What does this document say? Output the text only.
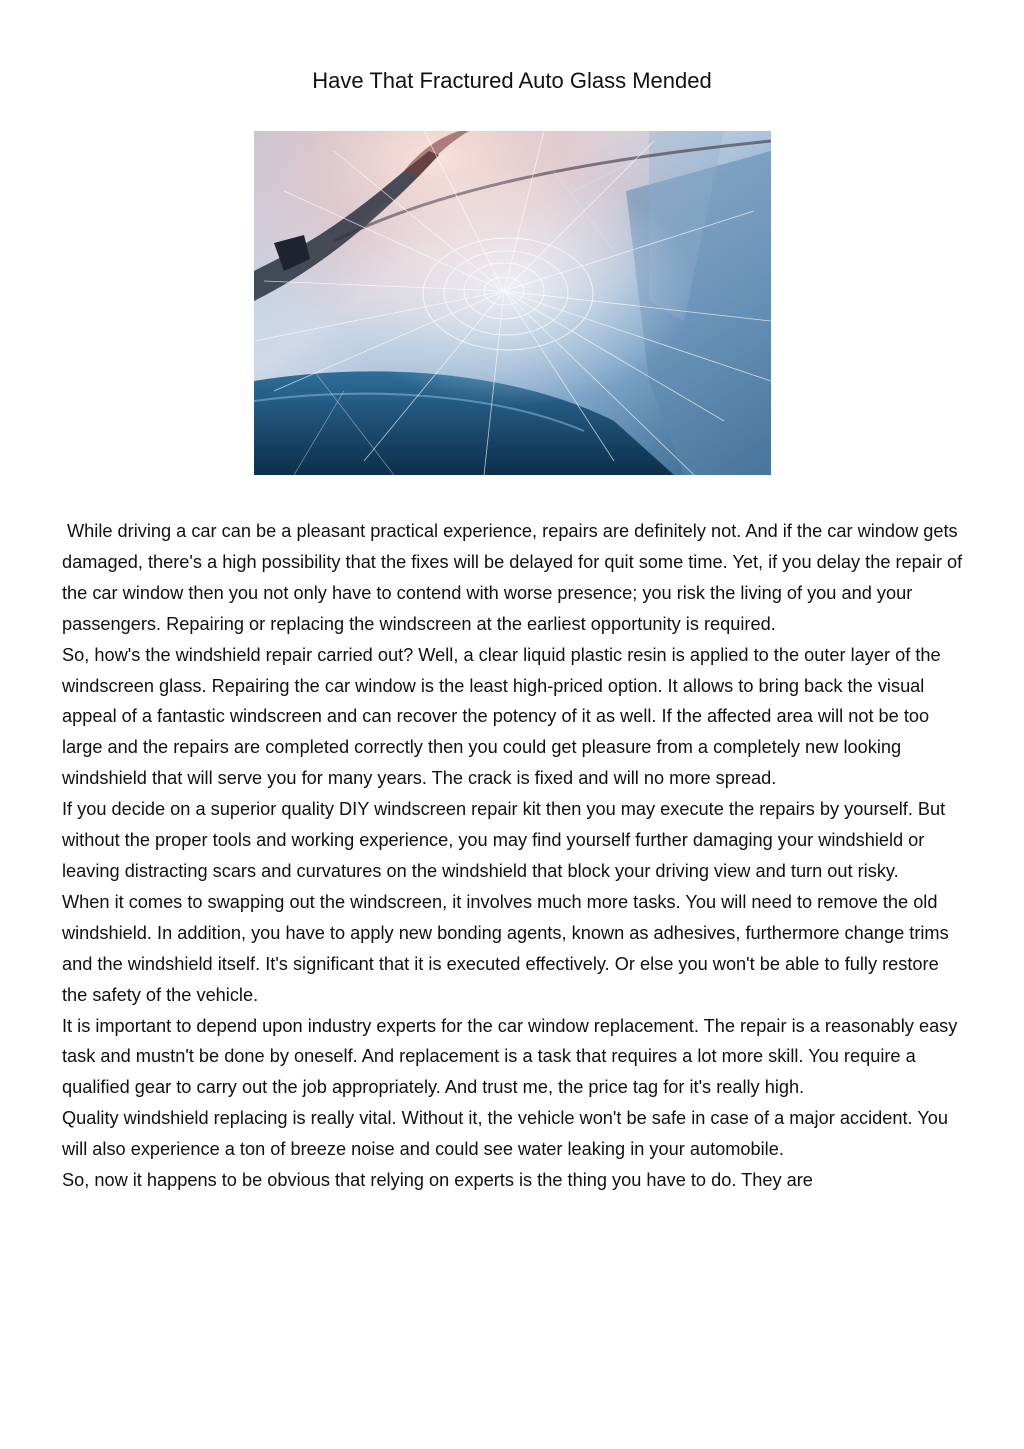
Have That Fractured Auto Glass Mended

While driving a car can be a pleasant practical experience, repairs are definitely not. And if the car window gets damaged, there's a high possibility that the fixes will be delayed for quit some time. Yet, if you delay the repair of the car window then you not only have to contend with worse presence; you risk the living of you and your passengers. Repairing or replacing the windscreen at the earliest opportunity is required.

So, how's the windshield repair carried out? Well, a clear liquid plastic resin is applied to the outer layer of the windscreen glass. Repairing the car window is the least high-priced option. It allows to bring back the visual appeal of a fantastic windscreen and can recover the potency of it as well. If the affected area will not be too large and the repairs are completed correctly then you could get pleasure from a completely new looking windshield that will serve you for many years. The crack is fixed and will no more spread.

If you decide on a superior quality DIY windscreen repair kit then you may execute the repairs by yourself. But without the proper tools and working experience, you may find yourself further damaging your windshield or leaving distracting scars and curvatures on the windshield that block your driving view and turn out risky.

When it comes to swapping out the windscreen, it involves much more tasks. You will need to remove the old windshield. In addition, you have to apply new bonding agents, known as adhesives, furthermore change trims and the windshield itself. It's significant that it is executed effectively. Or else you won't be able to fully restore the safety of the vehicle.

It is important to depend upon industry experts for the car window replacement. The repair is a reasonably easy task and mustn't be done by oneself. And replacement is a task that requires a lot more skill. You require a qualified gear to carry out the job appropriately. And trust me, the price tag for it's really high.

Quality windshield replacing is really vital. Without it, the vehicle won't be safe in case of a major accident. You will also experience a ton of breeze noise and could see water leaking in your automobile.

So, now it happens to be obvious that relying on experts is the thing you have to do. They are
